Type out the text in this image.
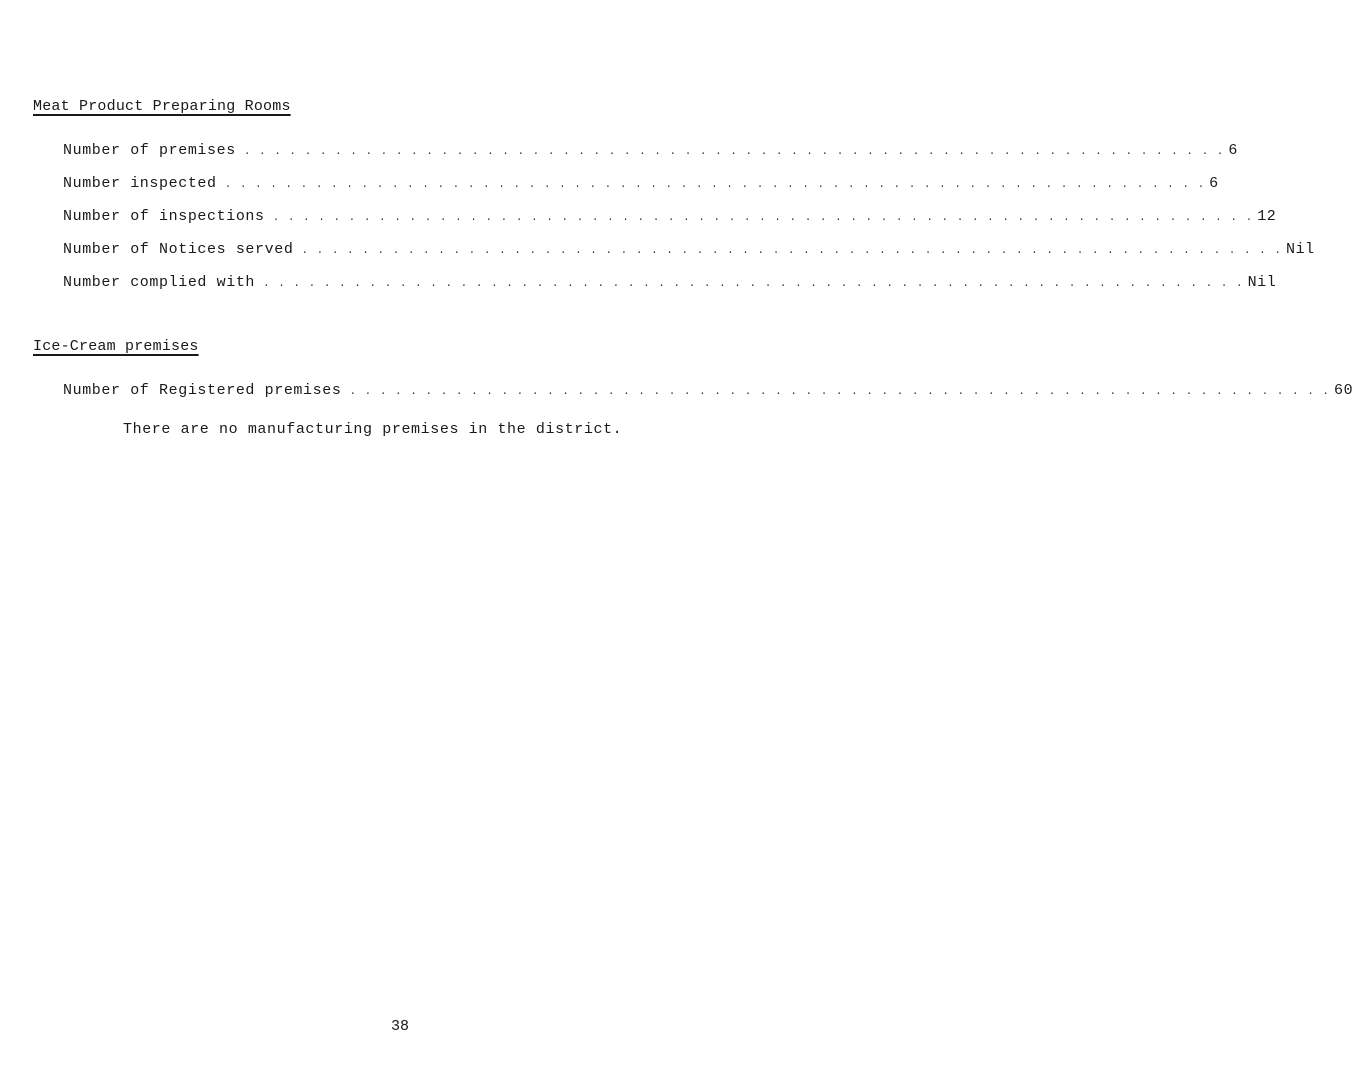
Meat Product Preparing Rooms
Number of premises . . . . . . . . . . . . . . . . . . . . . . . . . . . . . . . . . . . . . . . . . . . . . . . . . . . . . . . . . . . . . . . . . 6
Number inspected . . . . . . . . . . . . . . . . . . . . . . . . . . . . . . . . . . . . . . . . . . . . . . . . . . . . . . . . . . . . . . . . . 6
Number of inspections . . . . . . . . . . . . . . . . . . . . . . . . . . . . . . . . . . . . . . . . . . . . . . . . . . . . . . . . . . . . . . . . . 12
Number of Notices served . . . . . . . . . . . . . . . . . . . . . . . . . . . . . . . . . . . . . . . . . . . . . . . . . . . . . . . . . . . . . . . . . Nil
Number complied with . . . . . . . . . . . . . . . . . . . . . . . . . . . . . . . . . . . . . . . . . . . . . . . . . . . . . . . . . . . . . . . . . Nil
Ice-Cream premises
Number of Registered premises . . . . . . . . . . . . . . . . . . . . . . . . . . . . . . . . . . . . . . . . . . . . . . . . . . . . . . . . . . . . . . . . . 60
There are no manufacturing premises in the district.
38
